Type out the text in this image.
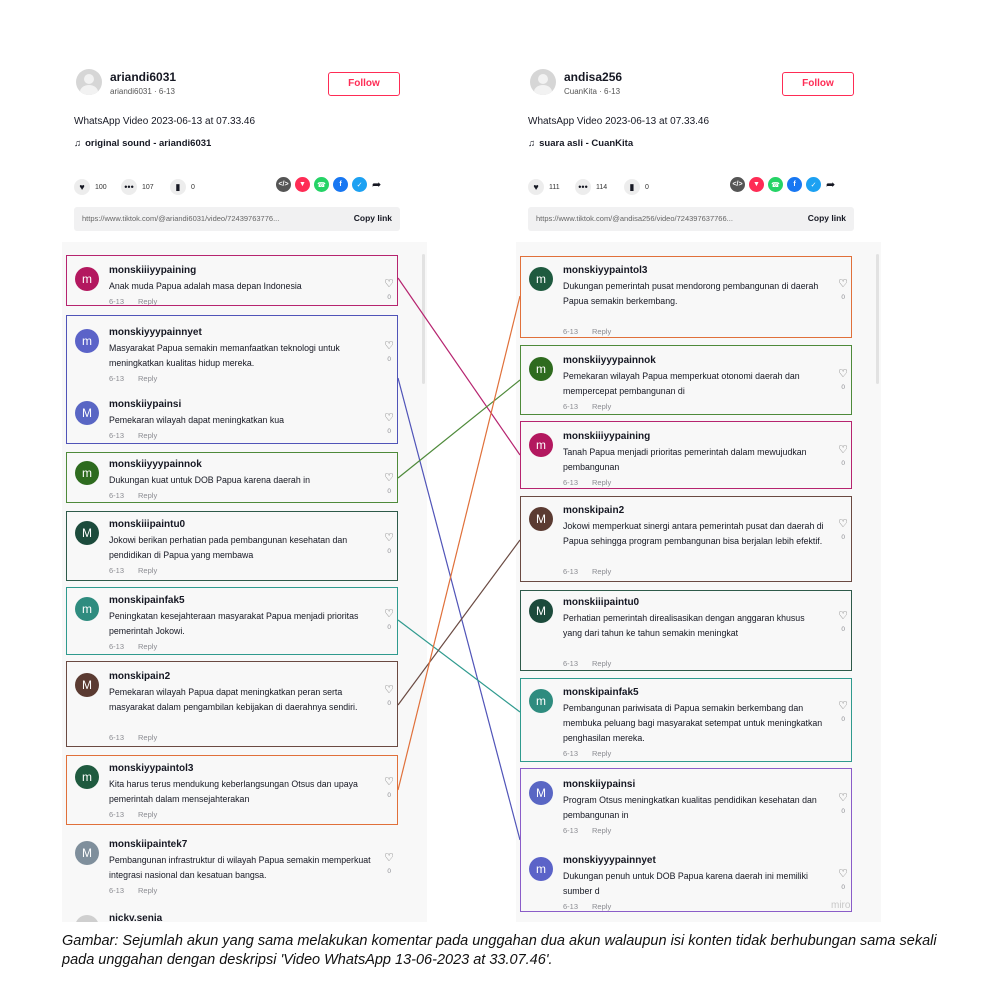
ariandi6031
ariandi6031 · 6-13
Follow
WhatsApp Video 2023-06-13 at 07.33.46
♫ original sound - ariandi6031
♥	100	•••	107	▮	0	</>	▼	☎	f	✓ ➦
https://www.tiktok.com/@ariandi6031/video/72439763776...	Copy link
m
monskiiiyypaining
Anak muda Papua adalah masa depan Indonesia
6-13 Reply
♡
0
m
monskiyyypainnyet
Masyarakat Papua semakin memanfaatkan teknologi untuk meningkatkan kualitas hidup mereka.
6-13 Reply
♡
0
M
monskiiypainsi
Pemekaran wilayah dapat meningkatkan kua
6-13 Reply
♡
0
m
monskiiyyypainnok
Dukungan kuat untuk DOB Papua karena daerah in
6-13 Reply
♡
0
M
monskiiipaintu0
Jokowi berikan perhatian pada pembangunan kesehatan dan pendidikan di Papua yang membawa
6-13 Reply
♡
0
m
monskipainfak5
Peningkatan kesejahteraan masyarakat Papua menjadi prioritas pemerintah Jokowi.
6-13 Reply
♡
0
M
monskipain2
Pemekaran wilayah Papua dapat meningkatkan peran serta masyarakat dalam pengambilan kebijakan di daerahnya sendiri.
6-13 Reply
♡
0
m
monskiyypaintol3
Kita harus terus mendukung keberlangsungan Otsus dan upaya pemerintah dalam mensejahterakan
6-13 Reply
♡
0
M
monskiipaintek7
Pembangunan infrastruktur di wilayah Papua semakin memperkuat integrasi nasional dan kesatuan bangsa.
6-13 Reply
♡
0
nickv.senia
andisa256
CuanKita · 6-13
Follow
WhatsApp Video 2023-06-13 at 07.33.46
♫ suara asli - CuanKita
♥	111	•••	114	▮	0	</>	▼	☎	f	✓ ➦
https://www.tiktok.com/@andisa256/video/724397637766...	Copy link
m
monskiyypaintol3
Dukungan pemerintah pusat mendorong pembangunan di daerah Papua semakin berkembang.
6-13 Reply
♡
0
m
monskiiyyypainnok
Pemekaran wilayah Papua memperkuat otonomi daerah dan mempercepat pembangunan di
6-13 Reply
♡
0
m
monskiiiyypaining
Tanah Papua menjadi prioritas pemerintah dalam mewujudkan pembangunan
6-13 Reply
♡
0
M
monskipain2
Jokowi memperkuat sinergi antara pemerintah pusat dan daerah di Papua sehingga program pembangunan bisa berjalan lebih efektif.
6-13 Reply
♡
0
M
monskiiipaintu0
Perhatian pemerintah direalisasikan dengan anggaran khusus yang dari tahun ke tahun semakin meningkat
6-13 Reply
♡
0
m
monskipainfak5
Pembangunan pariwisata di Papua semakin berkembang dan membuka peluang bagi masyarakat setempat untuk meningkatkan penghasilan mereka.
6-13 Reply
♡
0
M
monskiiypainsi
Program Otsus meningkatkan kualitas pendidikan kesehatan dan pembangunan in
6-13 Reply
♡
0
m
monskiyyypainnyet
Dukungan penuh untuk DOB Papua karena daerah ini memiliki sumber d
6-13 Reply
♡
0
miro
Gambar: Sejumlah akun yang sama melakukan komentar pada unggahan dua akun walaupun isi konten tidak berhubungan sama sekali pada unggahan dengan deskripsi 'Video WhatsApp 13-06-2023 at 33.07.46'.
